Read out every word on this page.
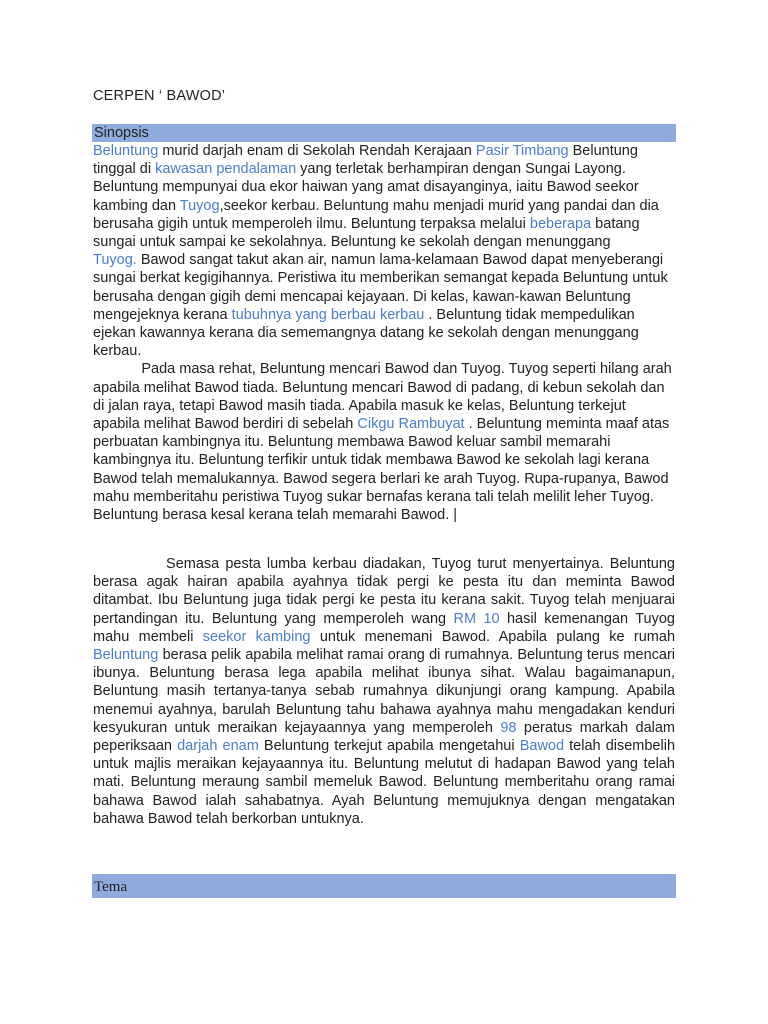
CERPEN ‘ BAWOD’
Sinopsis

Beluntung murid darjah enam di Sekolah Rendah Kerajaan Pasir Timbang Beluntung tinggal di kawasan pendalaman yang terletak berhampiran dengan Sungai Layong. Beluntung mempunyai dua ekor haiwan yang amat disayanginya, iaitu Bawod seekor kambing dan Tuyog,seekor kerbau. Beluntung mahu menjadi murid yang pandai dan dia berusaha gigih untuk memperoleh ilmu. Beluntung terpaksa melalui beberapa batang sungai untuk sampai ke sekolahnya. Beluntung ke sekolah dengan menunggang Tuyog. Bawod sangat takut akan air, namun lama-kelamaan Bawod dapat menyeberangi sungai berkat kegigihannya. Peristiwa itu memberikan semangat kepada Beluntung untuk berusaha dengan gigih demi mencapai kejayaan. Di kelas, kawan-kawan Beluntung mengejeknya kerana tubuhnya yang berbau kerbau . Beluntung tidak mempedulikan ejekan kawannya kerana dia sememangnya datang ke sekolah dengan menunggang kerbau.
Pada masa rehat, Beluntung mencari Bawod dan Tuyog. Tuyog seperti hilang arah apabila melihat Bawod tiada. Beluntung mencari Bawod di padang, di kebun sekolah dan di jalan raya, tetapi Bawod masih tiada. Apabila masuk ke kelas, Beluntung terkejut apabila melihat Bawod berdiri di sebelah Cikgu Rambuyat . Beluntung meminta maaf atas perbuatan kambingnya itu. Beluntung membawa Bawod keluar sambil memarahi kambingnya itu. Beluntung terfikir untuk tidak membawa Bawod ke sekolah lagi kerana Bawod telah memalukannya. Bawod segera berlari ke arah Tuyog. Rupa-rupanya, Bawod mahu memberitahu peristiwa Tuyog sukar bernafas kerana tali telah melilit leher Tuyog. Beluntung berasa kesal kerana telah memarahi Bawod. |

Semasa pesta lumba kerbau diadakan, Tuyog turut menyertainya. Beluntung berasa agak hairan apabila ayahnya tidak pergi ke pesta itu dan meminta Bawod ditambat. Ibu Beluntung juga tidak pergi ke pesta itu kerana sakit. Tuyog telah menjuarai pertandingan itu. Beluntung yang memperoleh wang RM 10 hasil kemenangan Tuyog mahu membeli seekor kambing untuk menemani Bawod. Apabila pulang ke rumah Beluntung berasa pelik apabila melihat ramai orang di rumahnya. Beluntung terus mencari ibunya. Beluntung berasa lega apabila melihat ibunya sihat. Walau bagaimanapun, Beluntung masih tertanya-tanya sebab rumahnya dikunjungi orang kampung. Apabila menemui ayahnya, barulah Beluntung tahu bahawa ayahnya mahu mengadakan kenduri kesyukuran untuk meraikan kejayaannya yang memperoleh 98 peratus markah dalam peperiksaan darjah enam Beluntung terkejut apabila mengetahui Bawod telah disembelih untuk majlis meraikan kejayaannya itu. Beluntung melutut di hadapan Bawod yang telah mati. Beluntung meraung sambil memeluk Bawod. Beluntung memberitahu orang ramai bahawa Bawod ialah sahabatnya. Ayah Beluntung memujuknya dengan mengatakan bahawa Bawod telah berkorban untuknya.

Tema
